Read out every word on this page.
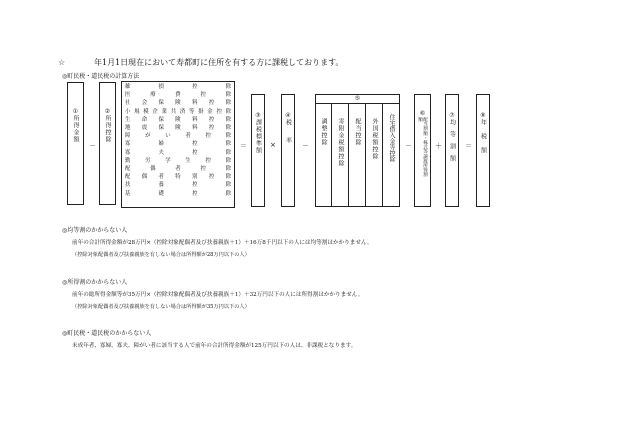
☆	年1月1日現在において寿都町に住所を有する方に課税しております。
◎町民税・道民税の計算方法
①
所得金額
－
②
所得控除
雑損控除
医療費控除
社会保険料控除
小規模企業共済等掛金控除
生命保険料控除
地震保険料控除
障がい者控除
寡婦控除
寡夫控除
勤労学生控除
配偶者控除
配偶者特別控除
扶養控除
基礎控除
＝
③
課税標準額 ×
④
税率 －
⑤
調整控除 寄附金税額控除 配当控除 外国税額控除 住宅借入金等控除 －
⑥
配当割額・株式等譲渡所得割額
＋
⑦
均等割額 ＝
⑧
年税額
◎均等割のかからない人
前年の合計所得金額が28万円×（控除対象配偶者及び扶養親族＋1）＋16万8千円以下の人には均等割はかかりません。
（控除対象配偶者及び扶養親族を有しない場合は所得額が28万円以下の人）
◎所得割のかからない人
前年の総所得金額等が35万円×（控除対象配偶者及び扶養親族＋1）＋32万円以下の人には所得割はかかりません。
（控除対象配偶者及び扶養親族を有しない場合は所得額が35万円以下の人）
◎町民税・道民税のかからない人
未成年者、寡婦、寡夫、障がい者に該当する人で前年の合計所得金額が125万円以下の人は、非課税となります。
